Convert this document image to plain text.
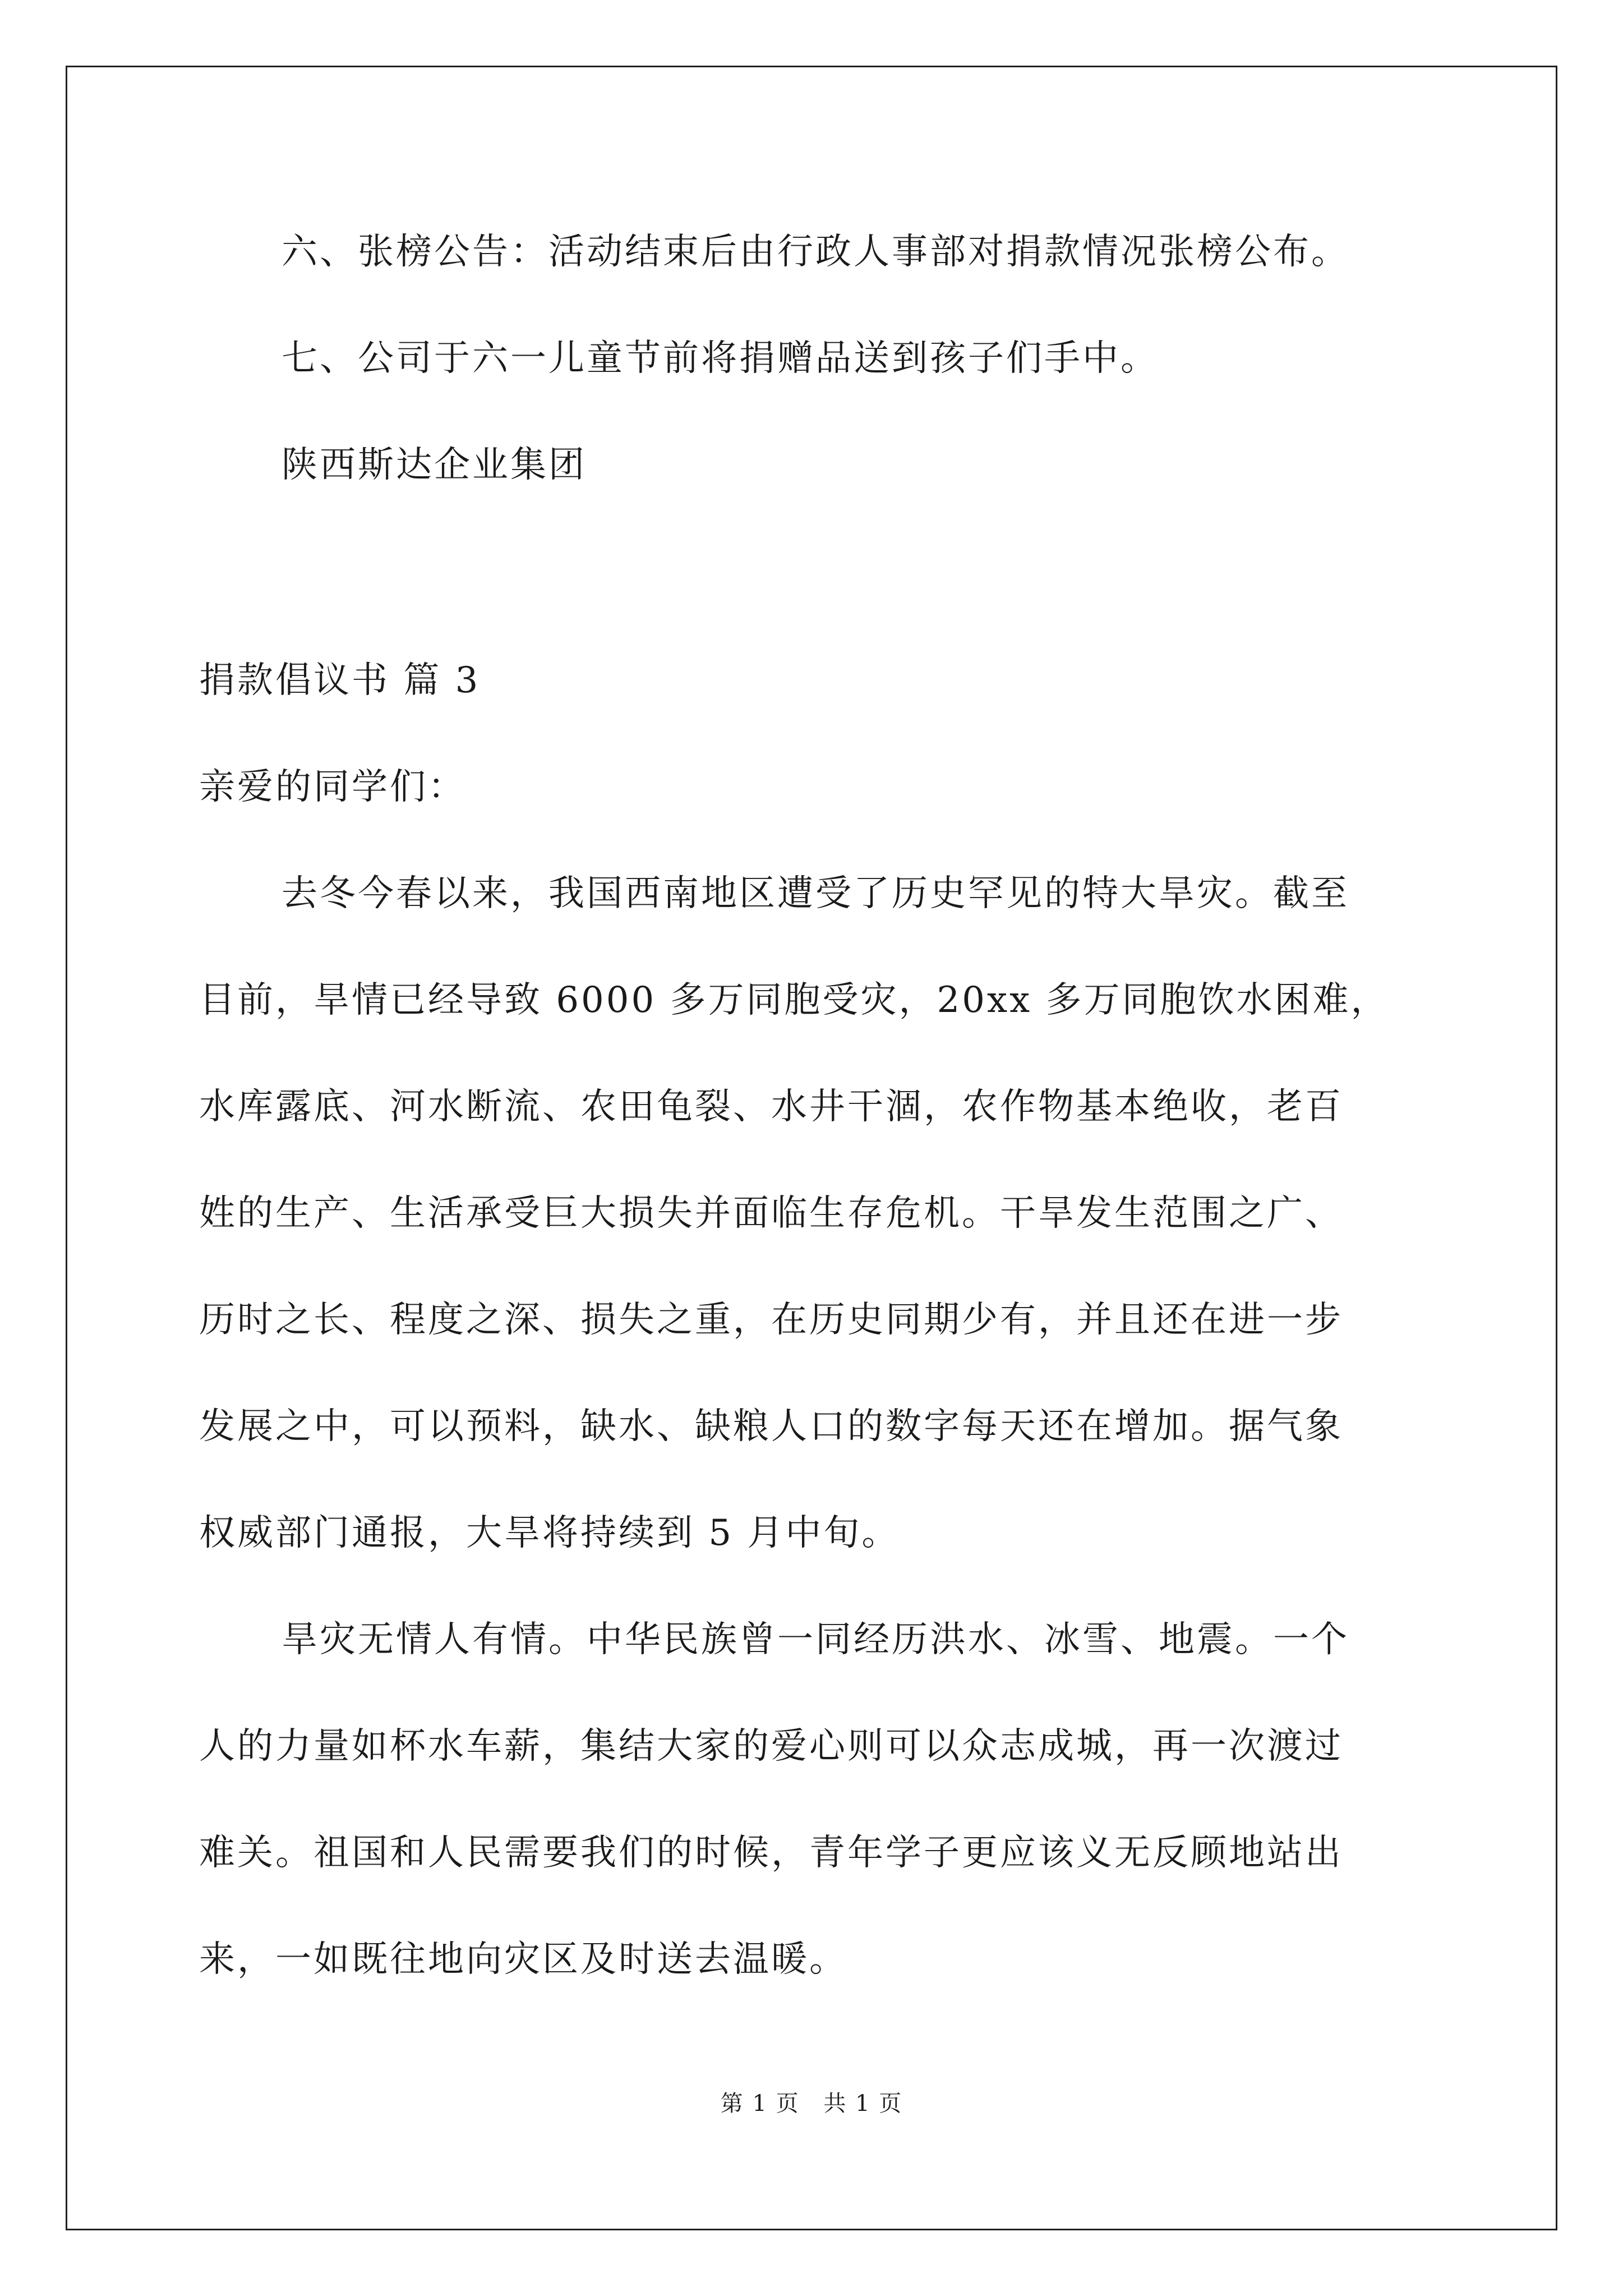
六、张榜公告：活动结束后由行政人事部对捐款情况张榜公布。
七、公司于六一儿童节前将捐赠品送到孩子们手中。
陕西斯达企业集团
捐款倡议书 篇 3
亲爱的同学们：
去冬今春以来，我国西南地区遭受了历史罕见的特大旱灾。截至
目前，旱情已经导致 6000 多万同胞受灾，20xx 多万同胞饮水困难，
水库露底、河水断流、农田龟裂、水井干涸，农作物基本绝收，老百
姓的生产、生活承受巨大损失并面临生存危机。干旱发生范围之广、
历时之长、程度之深、损失之重，在历史同期少有，并且还在进一步
发展之中，可以预料，缺水、缺粮人口的数字每天还在增加。据气象
权威部门通报，大旱将持续到 5 月中旬。
旱灾无情人有情。中华民族曾一同经历洪水、冰雪、地震。一个
人的力量如杯水车薪，集结大家的爱心则可以众志成城，再一次渡过
难关。祖国和人民需要我们的时候，青年学子更应该义无反顾地站出
来，一如既往地向灾区及时送去温暖。
第 1 页 共 1 页
